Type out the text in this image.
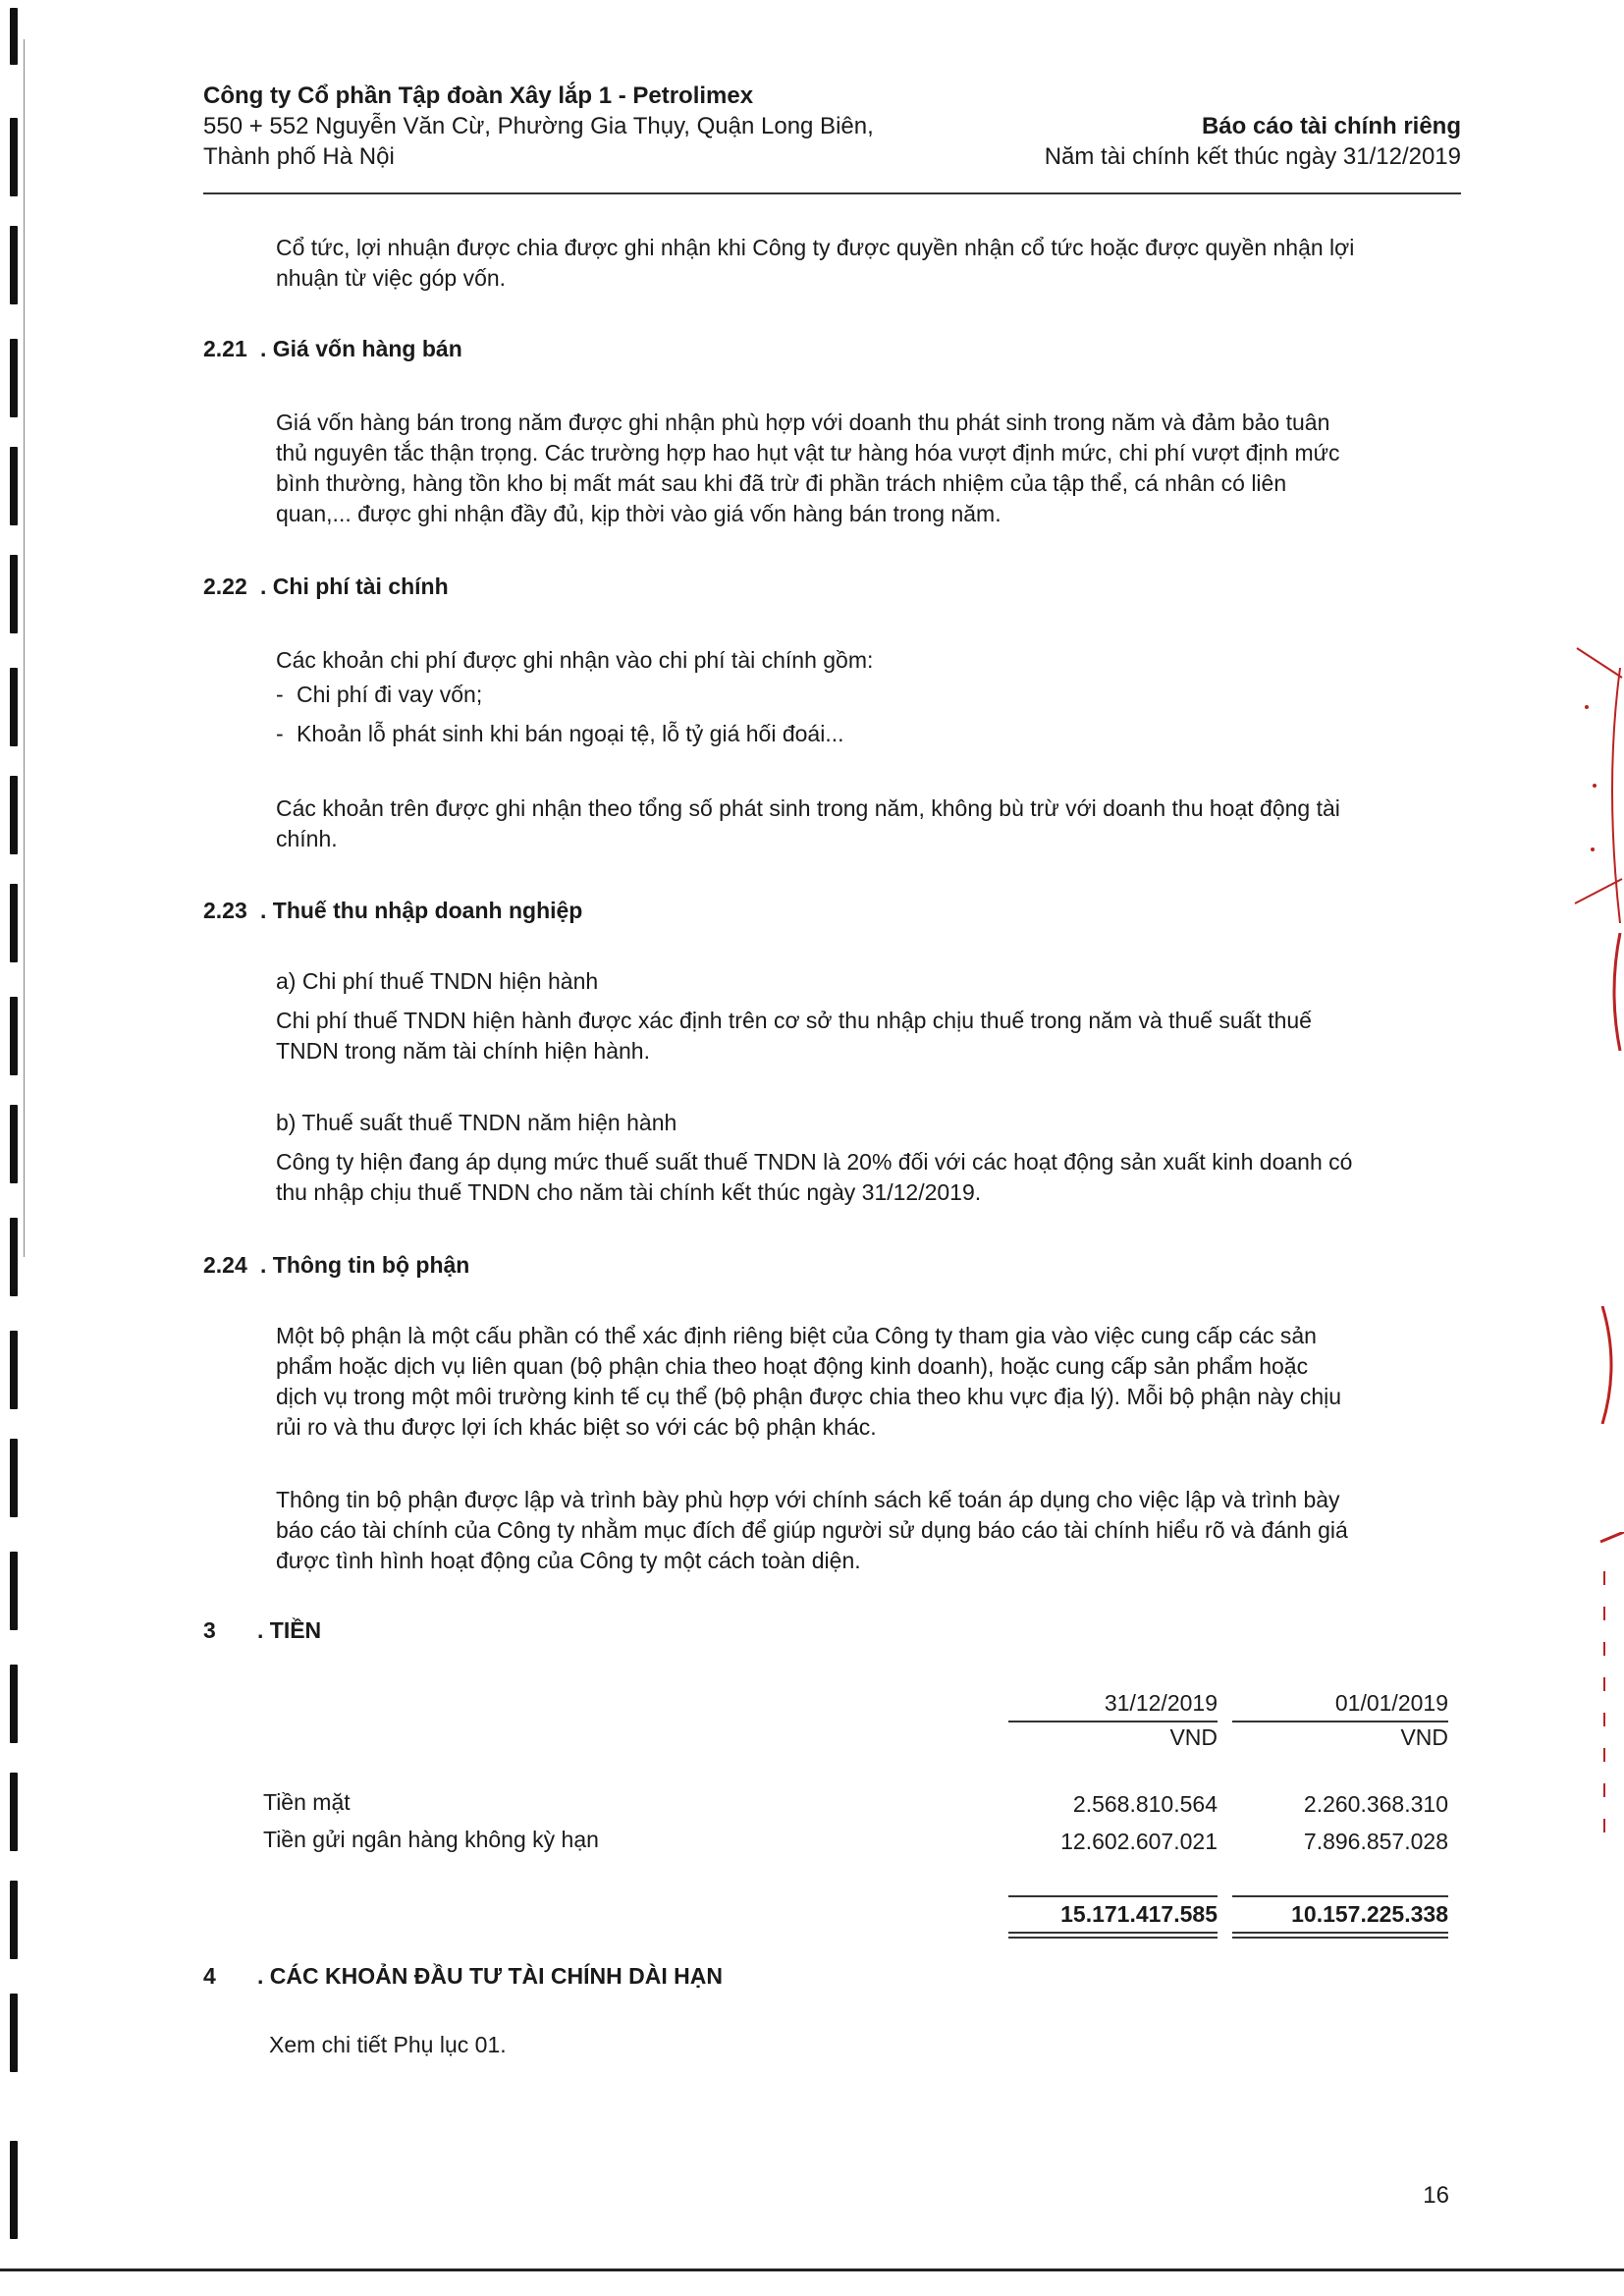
Công ty Cổ phần Tập đoàn Xây lắp 1 - Petrolimex
550 + 552 Nguyễn Văn Cừ, Phường Gia Thụy, Quận Long Biên,
Thành phố Hà Nội
Báo cáo tài chính riêng
Năm tài chính kết thúc ngày 31/12/2019
Cổ tức, lợi nhuận được chia được ghi nhận khi Công ty được quyền nhận cổ tức hoặc được quyền nhận lợi
nhuận từ việc góp vốn.
2.21 . Giá vốn hàng bán
Giá vốn hàng bán trong năm được ghi nhận phù hợp với doanh thu phát sinh trong năm và đảm bảo tuân
thủ nguyên tắc thận trọng. Các trường hợp hao hụt vật tư hàng hóa vượt định mức, chi phí vượt định mức
bình thường, hàng tồn kho bị mất mát sau khi đã trừ đi phần trách nhiệm của tập thể, cá nhân có liên
quan,... được ghi nhận đầy đủ, kịp thời vào giá vốn hàng bán trong năm.
2.22 . Chi phí tài chính
Các khoản chi phí được ghi nhận vào chi phí tài chính gồm:
- Chi phí đi vay vốn;
- Khoản lỗ phát sinh khi bán ngoại tệ, lỗ tỷ giá hối đoái...
Các khoản trên được ghi nhận theo tổng số phát sinh trong năm, không bù trừ với doanh thu hoạt động tài
chính.
2.23 . Thuế thu nhập doanh nghiệp
a) Chi phí thuế TNDN hiện hành
Chi phí thuế TNDN hiện hành được xác định trên cơ sở thu nhập chịu thuế trong năm và thuế suất thuế
TNDN trong năm tài chính hiện hành.
b) Thuế suất thuế TNDN năm hiện hành
Công ty hiện đang áp dụng mức thuế suất thuế TNDN là 20% đối với các hoạt động sản xuất kinh doanh có
thu nhập chịu thuế TNDN cho năm tài chính kết thúc ngày 31/12/2019.
2.24 . Thông tin bộ phận
Một bộ phận là một cấu phần có thể xác định riêng biệt của Công ty tham gia vào việc cung cấp các sản
phẩm hoặc dịch vụ liên quan (bộ phận chia theo hoạt động kinh doanh), hoặc cung cấp sản phẩm hoặc
dịch vụ trong một môi trường kinh tế cụ thể (bộ phận được chia theo khu vực địa lý). Mỗi bộ phận này chịu
rủi ro và thu được lợi ích khác biệt so với các bộ phận khác.
Thông tin bộ phận được lập và trình bày phù hợp với chính sách kế toán áp dụng cho việc lập và trình bày
báo cáo tài chính của Công ty nhằm mục đích để giúp người sử dụng báo cáo tài chính hiểu rõ và đánh giá
được tình hình hoạt động của Công ty một cách toàn diện.
3 . TIỀN
31/12/2019	01/01/2019
VND	VND
Tiền mặt	2.568.810.564	2.260.368.310
Tiền gửi ngân hàng không kỳ hạn	12.602.607.021	7.896.857.028
15.171.417.585	10.157.225.338
4 . CÁC KHOẢN ĐẦU TƯ TÀI CHÍNH DÀI HẠN
Xem chi tiết Phụ lục 01.
16
